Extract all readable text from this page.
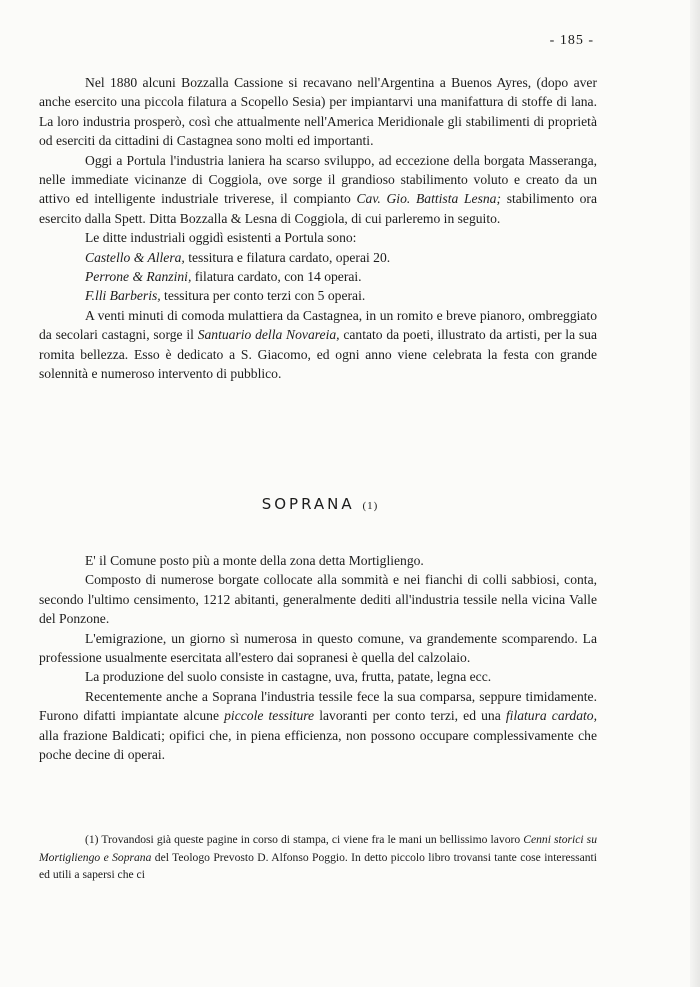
- 185 -

Nel 1880 alcuni Bozzalla Cassione si recavano nell'Argentina a Buenos Ayres, (dopo aver anche esercito una piccola filatura a Scopello Sesia) per impiantarvi una manifattura di stoffe di lana. La loro industria prosperò, così che attualmente nell'America Meridionale gli stabilimenti di proprietà od eserciti da cittadini di Castagnea sono molti ed importanti.

Oggi a Portula l'industria laniera ha scarso sviluppo, ad eccezione della borgata Masseranga, nelle immediate vicinanze di Coggiola, ove sorge il grandioso stabilimento voluto e creato da un attivo ed intelligente industriale triverese, il compianto Cav. Gio. Battista Lesna; stabilimento ora esercito dalla Spett. Ditta Bozzalla & Lesna di Coggiola, di cui parleremo in seguito.

Le ditte industriali oggidì esistenti a Portula sono:

Castello & Allera, tessitura e filatura cardato, operai 20.

Perrone & Ranzini, filatura cardato, con 14 operai.

F.lli Barberis, tessitura per conto terzi con 5 operai.

A venti minuti di comoda mulattiera da Castagnea, in un romito e breve pianoro, ombreggiato da secolari castagni, sorge il Santuario della Novareia, cantato da poeti, illustrato da artisti, per la sua romita bellezza. Esso è dedicato a S. Giacomo, ed ogni anno viene celebrata la festa con grande solennità e numeroso intervento di pubblico.

SOPRANA (1)

E' il Comune posto più a monte della zona detta Mortigliengo.

Composto di numerose borgate collocate alla sommità e nei fianchi di colli sabbiosi, conta, secondo l'ultimo censimento, 1212 abitanti, generalmente dediti all'industria tessile nella vicina Valle del Ponzone.

L'emigrazione, un giorno sì numerosa in questo comune, va grandemente scomparendo. La professione usualmente esercitata all'estero dai sopranesi è quella del calzolaio.

La produzione del suolo consiste in castagne, uva, frutta, patate, legna ecc.

Recentemente anche a Soprana l'industria tessile fece la sua comparsa, seppure timidamente. Furono difatti impiantate alcune piccole tessiture lavoranti per conto terzi, ed una filatura cardato, alla frazione Baldicati; opifici che, in piena efficienza, non possono occupare complessivamente che poche decine di operai.

(1) Trovandosi già queste pagine in corso di stampa, ci viene fra le mani un bellissimo lavoro Cenni storici su Mortigliengo e Soprana del Teologo Prevosto D. Alfonso Poggio. In detto piccolo libro trovansi tante cose interessanti ed utili a sapersi che ci
